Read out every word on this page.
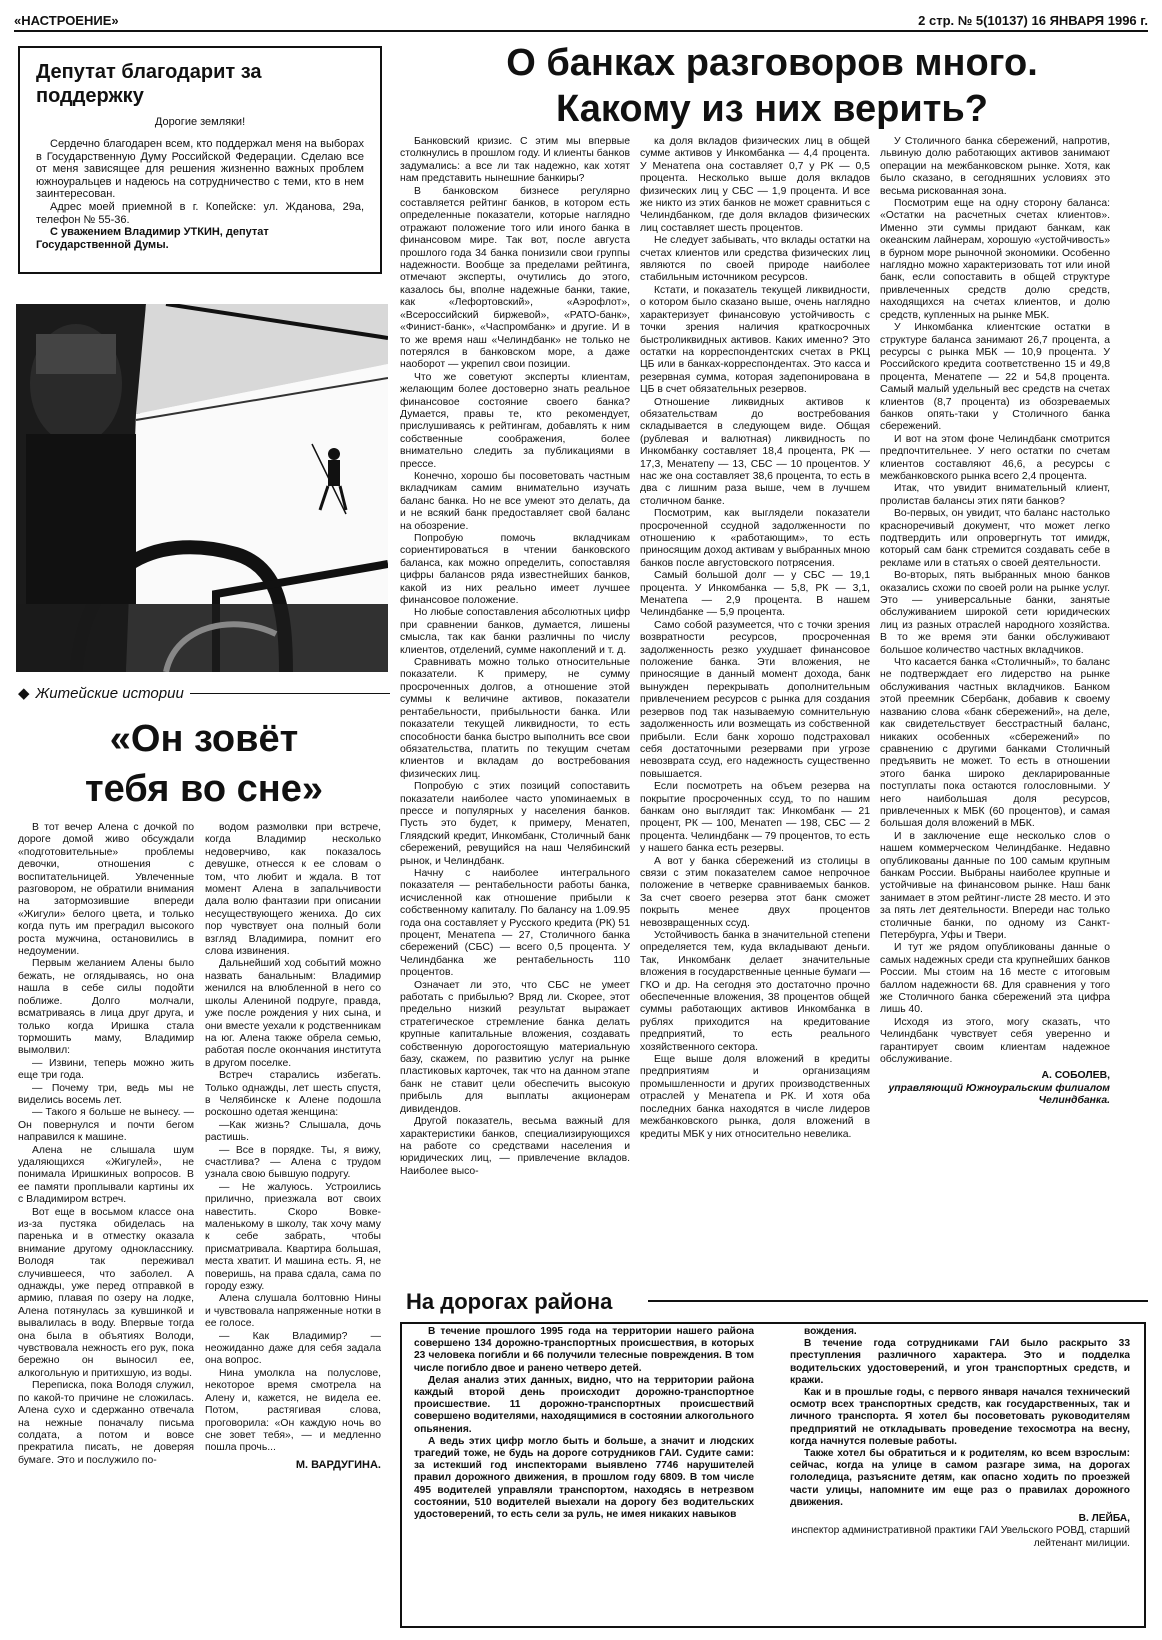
«НАСТРОЕНИЕ»	2 стр. № 5(10137) 16 ЯНВАРЯ 1996 г.
Депутат благодарит за поддержку
Дорогие земляки!

Сердечно благодарен всем, кто поддержал меня на выборах в Государственную Думу Российской Федерации. Сделаю все от меня зависящее для решения жизненно важных проблем южноуральцев и надеюсь на сотрудничество с теми, кто в нем заинтересован.

Адрес моей приемной в г. Копейске: ул. Жданова, 29а, телефон № 55-36.

С уважением Владимир УТКИН, депутат Государственной Думы.

◆ Житейские истории
«Он зовёт
тебя во сне»

В тот вечер Алена с дочкой по дороге домой живо обсуждали «подготовительные» проблемы девочки, отношения с воспитательницей. Увлеченные разговором, не обратили внимания на затормозившие впереди «Жигули» белого цвета, и только когда путь им преградил высокого роста мужчина, остановились в недоумении.

Первым желанием Алены было бежать, не оглядываясь, но она нашла в себе силы подойти поближе. Долго молчали, всматриваясь в лица друг друга, и только когда Иришка стала тормошить маму, Владимир вымолвил:

— Извини, теперь можно жить еще три года.

— Почему три, ведь мы не виделись восемь лет.

— Такого я больше не вынесу. — Он повернулся и почти бегом направился к машине.

Алена не слышала шум удаляющихся «Жигулей», не понимала Иришкиных вопросов. В ее памяти проплывали картины их с Владимиром встреч.

Вот еще в восьмом классе она из-за пустяка обиделась на паренька и в отместку оказала внимание другому однокласснику. Володя так переживал случившееся, что заболел. А однажды, уже перед отправкой в армию, плавая по озеру на лодке, Алена потянулась за кувшинкой и вывалилась в воду. Впервые тогда она была в объятиях Володи, чувствовала нежность его рук, пока бережно он выносил ее, алкогольную и притихшую, из воды.

Переписка, пока Володя служил, по какой-то причине не сложилась. Алена сухо и сдержанно отвечала на нежные поначалу письма солдата, а потом и вовсе прекратила писать, не доверяя бумаге. Это и послужило по-

водом размолвки при встрече, когда Владимир несколько недоверчиво, как показалось девушке, отнесся к ее словам о том, что любит и ждала. В тот момент Алена в запальчивости дала волю фантазии при описании несуществующего жениха. До сих пор чувствует она полный боли взгляд Владимира, помнит его слова извинения.

Дальнейший ход событий можно назвать банальным: Владимир женился на влюбленной в него со школы Алениной подруге, правда, уже после рождения у них сына, и они вместе уехали к родственникам на юг. Алена также обрела семью, работая после окончания института в другом поселке.

Встреч старались избегать. Только однажды, лет шесть спустя, в Челябинске к Алене подошла роскошно одетая женщина:

—Как жизнь? Слышала, дочь растишь.

— Все в порядке. Ты, я вижу, счастлива? — Алена с трудом узнала свою бывшую подругу.

— Не жалуюсь. Устроились прилично, приезжала вот своих навестить. Скоро Вовке-маленькому в школу, так хочу маму к себе забрать, чтобы присматривала. Квартира большая, места хватит. И машина есть. Я, не поверишь, на права сдала, сама по городу езжу.

Алена слушала болтовню Нины и чувствовала напряженные нотки в ее голосе.

— Как Владимир? — неожиданно даже для себя задала она вопрос.

Нина умолкла на полуслове, некоторое время смотрела на Алену и, кажется, не видела ее. Потом, растягивая слова, проговорила: «Он каждую ночь во сне зовет тебя», — и медленно пошла прочь...

М. ВАРДУГИНА.
О банках разговоров много.
Какому из них верить?

Банковский кризис. С этим мы впервые столкнулись в прошлом году. И клиенты банков задумались: а все ли так надежно, как хотят нам представить нынешние банкиры?

В банковском бизнесе регулярно составляется рейтинг банков, в котором есть определенные показатели, которые наглядно отражают положение того или иного банка в финансовом мире. Так вот, после августа прошлого года 34 банка понизили свои группы надежности. Вообще за пределами рейтинга, отмечают эксперты, очутились до этого, казалось бы, вполне надежные банки, такие, как «Лефортовский», «Аэрофлот», «Всероссийский биржевой», «РАТО-банк», «Финист-банк», «Часпромбанк» и другие. И в то же время наш «Челиндбанк» не только не потерялся в банковском море, а даже наоборот — укрепил свои позиции.

Что же советуют эксперты клиентам, желающим более достоверно знать реальное финансовое состояние своего банка? Думается, правы те, кто рекомендует, прислушиваясь к рейтингам, добавлять к ним собственные соображения, более внимательно следить за публикациями в прессе.

Конечно, хорошо бы посоветовать частным вкладчикам самим внимательно изучать баланс банка. Но не все умеют это делать, да и не всякий банк предоставляет свой баланс на обозрение.

Попробую помочь вкладчикам сориентироваться в чтении банковского баланса, как можно определить, сопоставляя цифры балансов ряда известнейших банков, какой из них реально имеет лучшее финансовое положение.

Но любые сопоставления абсолютных цифр при сравнении банков, думается, лишены смысла, так как банки различны по числу клиентов, отделений, сумме накоплений и т. д.

Сравнивать можно только относительные показатели. К примеру, не сумму просроченных долгов, а отношение этой суммы к величине активов, показатели рентабельности, прибыльности банка. Или показатели текущей ликвидности, то есть способности банка быстро выполнить все свои обязательства, платить по текущим счетам клиентов и вкладам до востребования физических лиц.

Попробую с этих позиций сопоставить показатели наиболее часто упоминаемых в прессе и популярных у населения банков. Пусть это будет, к примеру, Менатеп, Гляядский кредит, Инкомбанк, Столичный банк сбережений, ревущийся на наш Челябинский рынок, и Челиндбанк.

Начну с наиболее интегрального показателя — рентабельности работы банка, исчисленной как отношение прибыли к собственному капиталу. По балансу на 1.09.95 года она составляет у Русского кредита (РК) 51 процент, Менатепа — 27, Столичного банка сбережений (СБС) — всего 0,5 процента. У Челиндбанка же рентабельность 110 процентов.

Означает ли это, что СБС не умеет работать с прибылью? Вряд ли. Скорее, этот предельно низкий результат выражает стратегическое стремление банка делать крупные капитальные вложения, создавать собственную дорогостоящую материальную базу, скажем, по развитию услуг на рынке пластиковых карточек, так что на данном этапе банк не ставит цели обеспечить высокую прибыль для выплаты акционерам дивидендов.

Другой показатель, весьма важный для характеристики банков, специализирующихся на работе со средствами населения и юридических лиц, — привлечение вкладов. Наиболее высо-

ка доля вкладов физических лиц в общей сумме активов у Инкомбанка — 4,4 процента. У Менатепа она составляет 0,7 у РК — 0,5 процента. Несколько выше доля вкладов физических лиц у СБС — 1,9 процента. И все же никто из этих банков не может сравниться с Челиндбанком, где доля вкладов физических лиц составляет шесть процентов.

Не следует забывать, что вклады остатки на счетах клиентов или средства физических лиц являются по своей природе наиболее стабильным источником ресурсов.

Кстати, и показатель текущей ликвидности, о котором было сказано выше, очень наглядно характеризует финансовую устойчивость с точки зрения наличия краткосрочных быстроликвидных активов. Каких именно? Это остатки на корреспондентских счетах в РКЦ ЦБ или в банках-корреспондентах. Это касса и резервная сумма, которая задепонирована в ЦБ в счет обязательных резервов.

Отношение ликвидных активов к обязательствам до востребования складывается в следующем виде. Общая (рублевая и валютная) ликвидность по Инкомбанку составляет 18,4 процента, РК — 17,3, Менатепу — 13, СБС — 10 процентов. У нас же она составляет 38,6 процента, то есть в два с лишним раза выше, чем в лучшем столичном банке.

Посмотрим, как выглядели показатели просроченной ссудной задолженности по отношению к «работающим», то есть приносящим доход активам у выбранных мною банков после августовского потрясения.

Самый большой долг — у СБС — 19,1 процента. У Инкомбанка — 5,8, РК — 3,1, Менатепа — 2,9 процента. В нашем Челиндбанке — 5,9 процента.

Само собой разумеется, что с точки зрения возвратности ресурсов, просроченная задолженность резко ухудшает финансовое положение банка. Эти вложения, не приносящие в данный момент дохода, банк вынужден перекрывать дополнительным привлечением ресурсов с рынка для создания резервов под так называемую сомнительную задолженность или возмещать из собственной прибыли. Если банк хорошо подстраховал себя достаточными резервами при угрозе невозврата ссуд, его надежность существенно повышается.

Если посмотреть на объем резерва на покрытие просроченных ссуд, то по нашим банкам оно выглядит так: Инкомбанк — 21 процент, РК — 100, Менатеп — 198, СБС — 2 процента. Челиндбанк — 79 процентов, то есть у нашего банка есть резервы.

А вот у банка сбережений из столицы в связи с этим показателем самое непрочное положение в четверке сравниваемых банков. За счет своего резерва этот банк сможет покрыть менее двух процентов невозвращенных ссуд.

Устойчивость банка в значительной степени определяется тем, куда вкладывают деньги. Так, Инкомбанк делает значительные вложения в государственные ценные бумаги — ГКО и др. На сегодня это достаточно прочно обеспеченные вложения, 38 процентов общей суммы работающих активов Инкомбанка в рублях приходится на кредитование предприятий, то есть реального хозяйственного сектора.

Еще выше доля вложений в кредиты предприятиям и организациям промышленности и других производственных отраслей у Менатепа и РК. И хотя оба последних банка находятся в числе лидеров межбанковского рынка, доля вложений в кредиты МБК у них относительно невелика.

У Столичного банка сбережений, напротив, львиную долю работающих активов занимают операции на межбанковском рынке. Хотя, как было сказано, в сегодняшних условиях это весьма рискованная зона.

Посмотрим еще на одну сторону баланса: «Остатки на расчетных счетах клиентов». Именно эти суммы придают банкам, как океанским лайнерам, хорошую «устойчивость» в бурном море рыночной экономики. Особенно наглядно можно характеризовать тот или иной банк, если сопоставить в общей структуре привлеченных средств долю средств, находящихся на счетах клиентов, и долю средств, купленных на рынке МБК.

У Инкомбанка клиентские остатки в структуре баланса занимают 26,7 процента, а ресурсы с рынка МБК — 10,9 процента. У Российского кредита соответственно 15 и 49,8 процента, Менатепе — 22 и 54,8 процента. Самый малый удельный вес средств на счетах клиентов (8,7 процента) из обозреваемых банков опять-таки у Столичного банка сбережений.

И вот на этом фоне Челиндбанк смотрится предпочтительнее. У него остатки по счетам клиентов составляют 46,6, а ресурсы с межбанковского рынка всего 2,4 процента.

Итак, что увидит внимательный клиент, пролистав балансы этих пяти банков?

Во-первых, он увидит, что баланс настолько красноречивый документ, что может легко подтвердить или опровергнуть тот имидж, который сам банк стремится создавать себе в рекламе или в статьях о своей деятельности.

Во-вторых, пять выбранных мною банков оказались схожи по своей роли на рынке услуг. Это — универсальные банки, занятые обслуживанием широкой сети юридических лиц из разных отраслей народного хозяйства. В то же время эти банки обслуживают большое количество частных вкладчиков.

Что касается банка «Столичный», то баланс не подтверждает его лидерство на рынке обслуживания частных вкладчиков. Банком этой преемник Сбербанк, добавив к своему названию слова «банк сбережений», на деле, как свидетельствует бесстрастный баланс, никаких особенных «сбережений» по сравнению с другими банками Столичный предъявить не может. То есть в отношении этого банка широко декларированные поступлаты пока остаются голословными. У него наибольшая доля ресурсов, привлеченных к МБК (60 процентов), и самая большая доля вложений в МБК.

И в заключение еще несколько слов о нашем коммерческом Челиндбанке. Недавно опубликованы данные по 100 самым крупным банкам России. Выбраны наиболее крупные и устойчивые на финансовом рынке. Наш банк занимает в этом рейтинг-листе 28 место. И это за пять лет деятельности. Впереди нас только столичные банки, по одному из Санкт-Петербурга, Уфы и Твери.

И тут же рядом опубликованы данные о самых надежных среди ста крупнейших банков России. Мы стоим на 16 месте с итоговым баллом надежности 68. Для сравнения у того же Столичного банка сбережений эта цифра лишь 40.

Исходя из этого, могу сказать, что Челиндбанк чувствует себя уверенно и гарантирует своим клиентам надежное обслуживание.

А. СОБОЛЕВ,
управляющий Южноуральским филиалом Челиндбанка.
На дорогах района

В течение прошлого 1995 года на территории нашего района совершено 134 дорожно-транспортных происшествия, в которых 23 человека погибли и 66 получили телесные повреждения. В том числе погибло двое и ранено четверо детей.

Делая анализ этих данных, видно, что на территории района каждый второй день происходит дорожно-транспортное происшествие. 11 дорожно-транспортных происшествий совершено водителями, находящимися в состоянии алкогольного опьянения.

А ведь этих цифр могло быть и больше, а значит и людских трагедий тоже, не будь на дороге сотрудников ГАИ. Судите сами: за истекший год инспекторами выявлено 7746 нарушителей правил дорожного движения, в прошлом году 6809. В том числе 495 водителей управляли транспортом, находясь в нетрезвом состоянии, 510 водителей выехали на дорогу без водительских удостоверений, то есть сели за руль, не имея никаких навыков

вождения.

В течение года сотрудниками ГАИ было раскрыто 33 преступления различного характера. Это и подделка водительских удостоверений, и угон транспортных средств, и кражи.

Как и в прошлые годы, с первого января начался технический осмотр всех транспортных средств, как государственных, так и личного транспорта. Я хотел бы посоветовать руководителям предприятий не откладывать проведение техосмотра на весну, когда начнутся полевые работы.

Также хотел бы обратиться и к родителям, ко всем взрослым: сейчас, когда на улице в самом разгаре зима, на дорогах гололедица, разъясните детям, как опасно ходить по проезжей части улицы, напомните им еще раз о правилах дорожного движения.

В. ЛЕЙБА,
инспектор административной практики ГАИ Увельского РОВД, старший лейтенант милиции.
